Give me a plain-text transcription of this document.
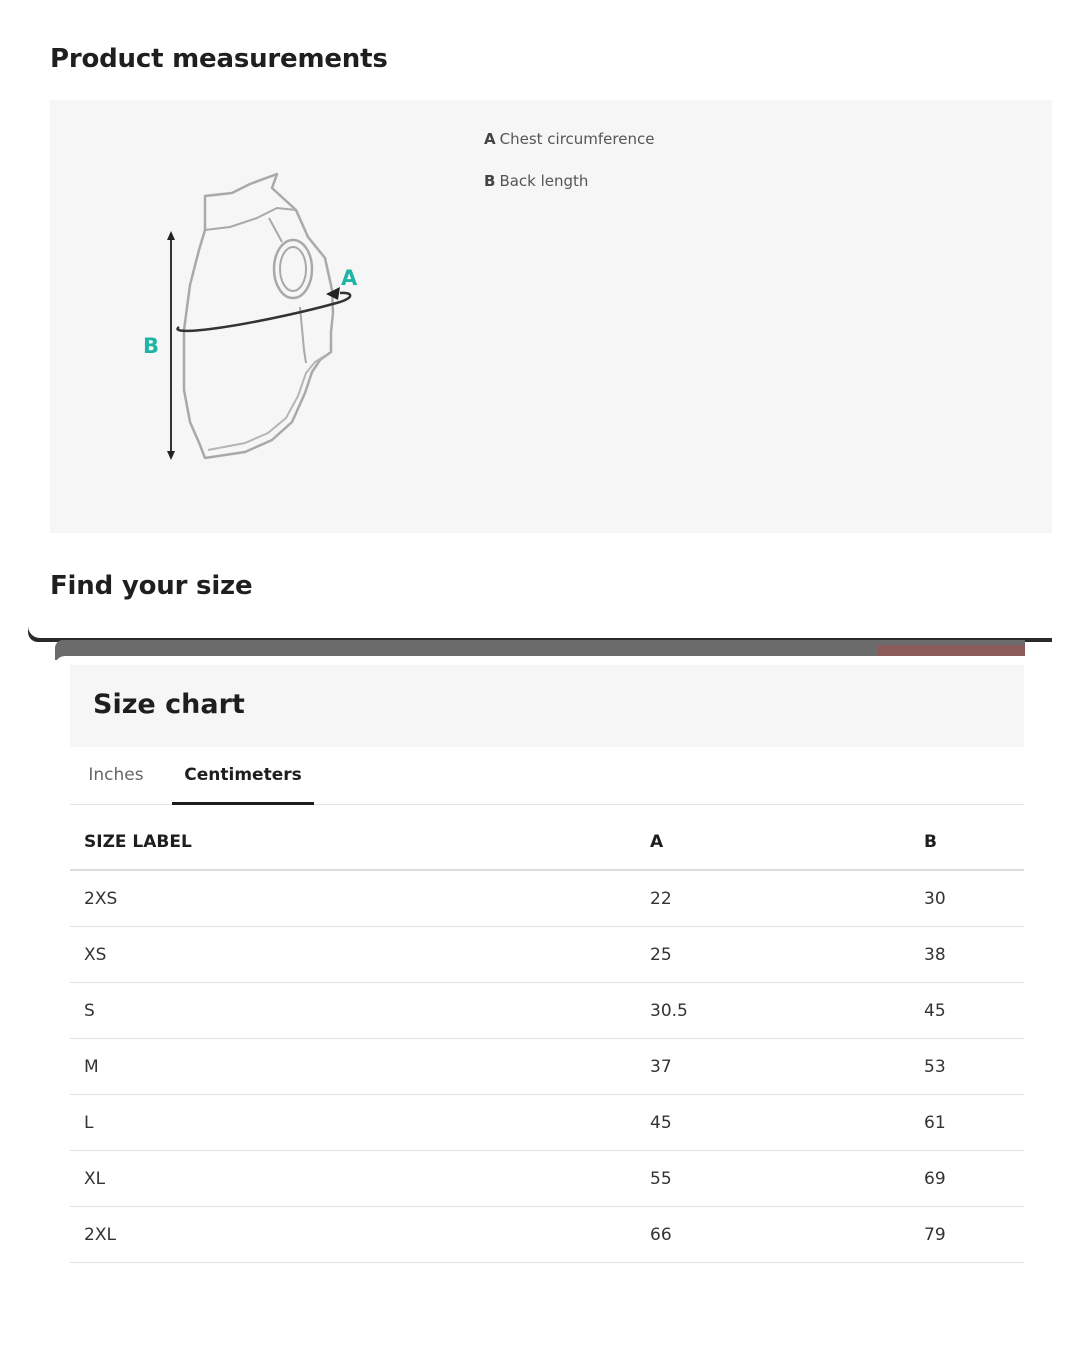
Product measurements
A
B

A Chest circumference

B Back length

Find your size
Size chart
Inches	Centimeters
SIZE LABEL	A	B
2XS	22	30
XS	25	38
S	30.5	45
M	37	53
L	45	61
XL	55	69
2XL	66	79
